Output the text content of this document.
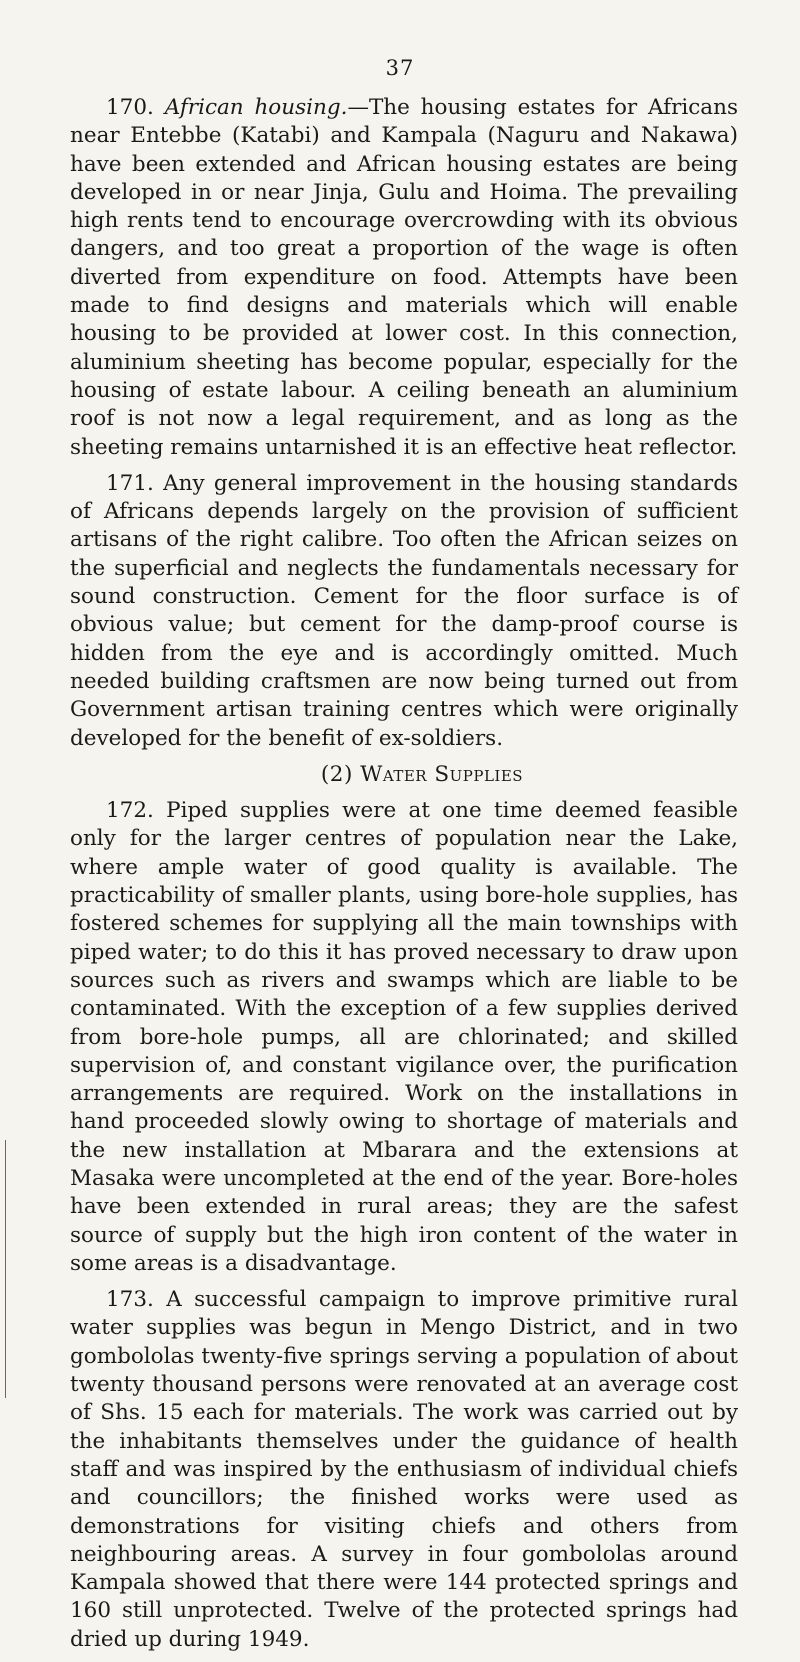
37

170. African housing.—The housing estates for Africans near Entebbe (Katabi) and Kampala (Naguru and Nakawa) have been extended and African housing estates are being developed in or near Jinja, Gulu and Hoima. The prevailing high rents tend to encourage overcrowding with its obvious dangers, and too great a proportion of the wage is often diverted from expenditure on food. Attempts have been made to find designs and materials which will enable housing to be provided at lower cost. In this connection, aluminium sheeting has become popular, especially for the housing of estate labour. A ceiling beneath an aluminium roof is not now a legal requirement, and as long as the sheeting remains untarnished it is an effective heat reflector.

171. Any general improvement in the housing standards of Africans depends largely on the provision of sufficient artisans of the right calibre. Too often the African seizes on the superficial and neglects the fundamentals necessary for sound construction. Cement for the floor surface is of obvious value; but cement for the damp-proof course is hidden from the eye and is accordingly omitted. Much needed building craftsmen are now being turned out from Government artisan training centres which were originally developed for the benefit of ex-soldiers.

(2) Water Supplies

172. Piped supplies were at one time deemed feasible only for the larger centres of population near the Lake, where ample water of good quality is available. The practicability of smaller plants, using bore-hole supplies, has fostered schemes for supplying all the main townships with piped water; to do this it has proved necessary to draw upon sources such as rivers and swamps which are liable to be contaminated. With the exception of a few supplies derived from bore-hole pumps, all are chlorinated; and skilled supervision of, and constant vigilance over, the purification arrangements are required. Work on the installations in hand proceeded slowly owing to shortage of materials and the new installation at Mbarara and the extensions at Masaka were uncompleted at the end of the year. Bore-holes have been extended in rural areas; they are the safest source of supply but the high iron content of the water in some areas is a disadvantage.

173. A successful campaign to improve primitive rural water supplies was begun in Mengo District, and in two gombololas twenty-five springs serving a population of about twenty thousand persons were renovated at an average cost of Shs. 15 each for materials. The work was carried out by the inhabitants themselves under the guidance of health staff and was inspired by the enthusiasm of individual chiefs and councillors; the finished works were used as demonstrations for visiting chiefs and others from neighbouring areas. A survey in four gombololas around Kampala showed that there were 144 protected springs and 160 still unprotected. Twelve of the protected springs had dried up during 1949.
